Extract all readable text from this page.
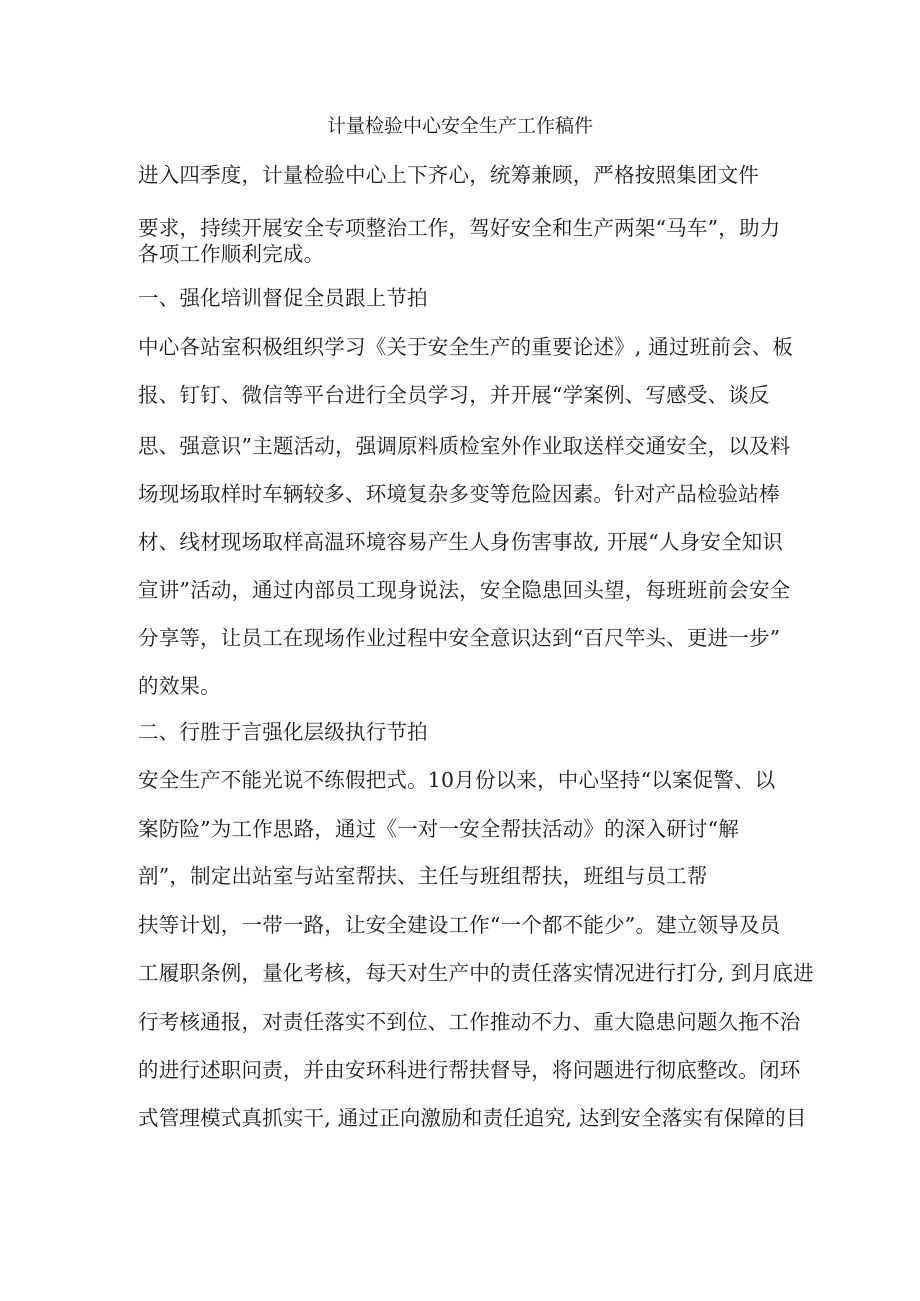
计量检验中心安全生产工作稿件
进入四季度，计量检验中心上下齐心，统筹兼顾，严格按照集团文件
要求，持续开展安全专项整治工作，驾好安全和生产两架“马车”，助力
各项工作顺利完成。
一、强化培训督促全员跟上节拍
中心各站室积极组织学习《关于安全生产的重要论述》, 通过班前会、板
报、钉钉、微信等平台进行全员学习，并开展“学案例、写感受、谈反
思、强意识”主题活动，强调原料质检室外作业取送样交通安全，以及料
场现场取样时车辆较多、环境复杂多变等危险因素。针对产品检验站棒
材、线材现场取样高温环境容易产生人身伤害事故, 开展“人身安全知识
宣讲”活动，通过内部员工现身说法，安全隐患回头望，每班班前会安全
分享等，让员工在现场作业过程中安全意识达到“百尺竿头、更进一步”
的效果。
二、行胜于言强化层级执行节拍
安全生产不能光说不练假把式。10月份以来，中心坚持“以案促警、以
案防险”为工作思路，通过《一对一安全帮扶活动》的深入研讨“解
剖”，制定出站室与站室帮扶、主任与班组帮扶，班组与员工帮
扶等计划，一带一路，让安全建设工作“一个都不能少”。建立领导及员
工履职条例，量化考核，每天对生产中的责任落实情况进行打分, 到月底进
行考核通报，对责任落实不到位、工作推动不力、重大隐患问题久拖不治
的进行述职问责，并由安环科进行帮扶督导，将问题进行彻底整改。闭环
式管理模式真抓实干, 通过正向激励和责任追究, 达到安全落实有保障的目
